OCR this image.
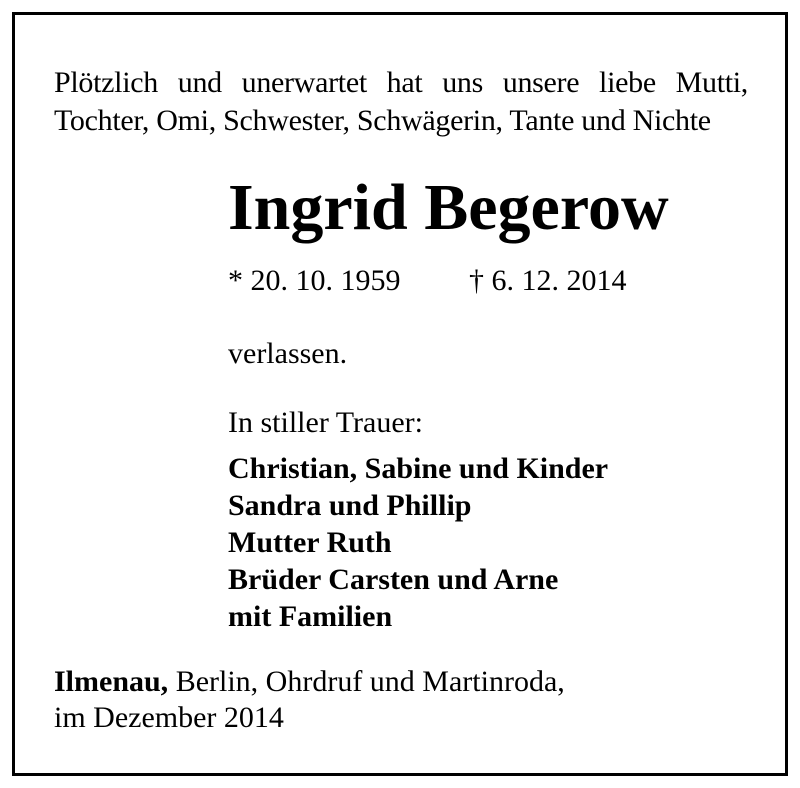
Plötzlich und unerwartet hat uns unsere liebe Mutti,
Tochter, Omi, Schwester, Schwägerin, Tante und Nichte
Ingrid Begerow
* 20. 10. 1959 † 6. 12. 2014
verlassen.
In stiller Trauer:
Christian, Sabine und Kinder
Sandra und Phillip
Mutter Ruth
Brüder Carsten und Arne
mit Familien
Ilmenau, Berlin, Ohrdruf und Martinroda,
im Dezember 2014
